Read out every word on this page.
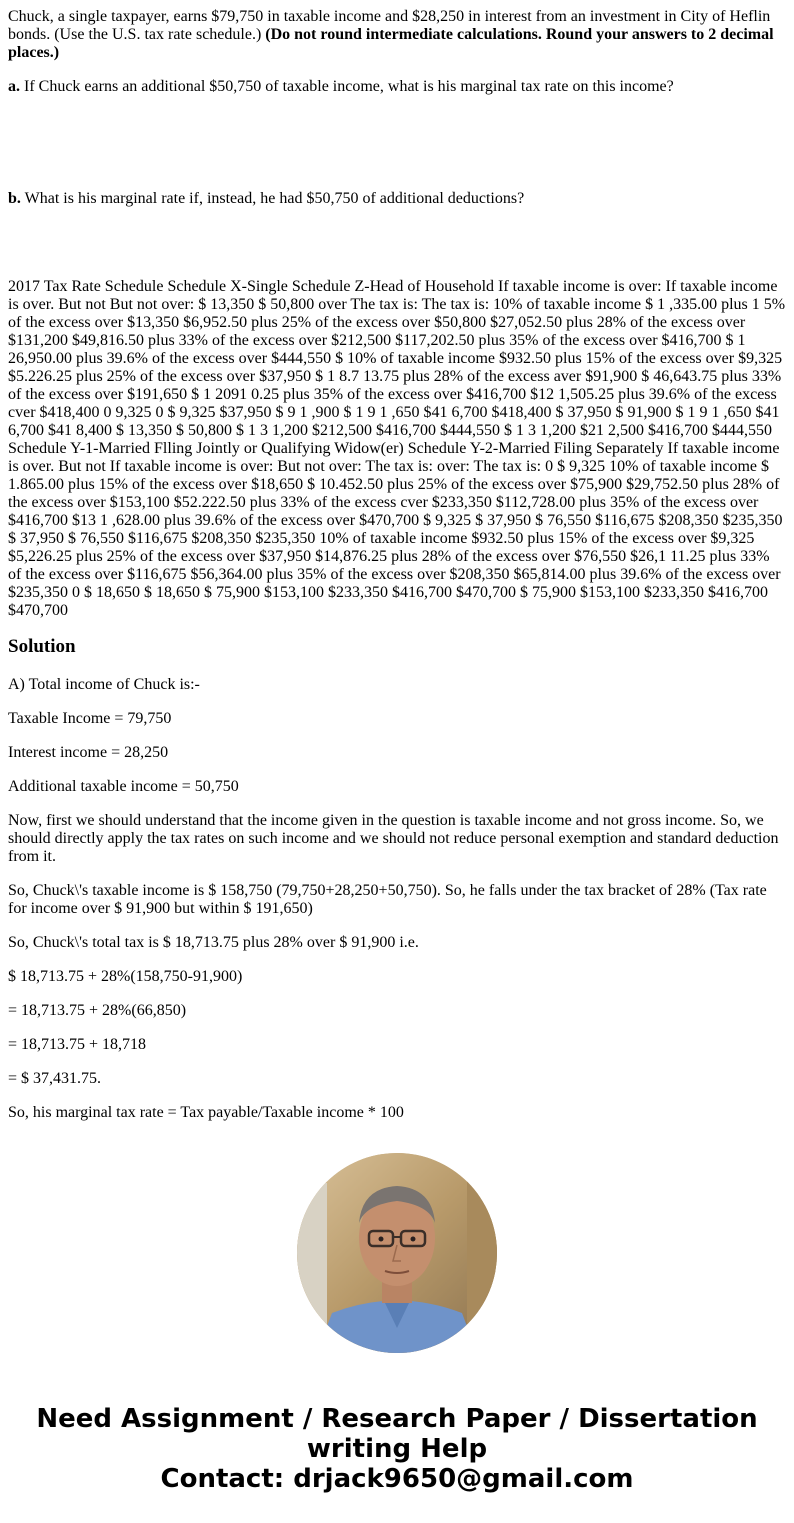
Chuck, a single taxpayer, earns $79,750 in taxable income and $28,250 in interest from an investment in City of Heflin bonds. (Use the U.S. tax rate schedule.) (Do not round intermediate calculations. Round your answers to 2 decimal places.)

a. If Chuck earns an additional $50,750 of taxable income, what is his marginal tax rate on this income?

b. What is his marginal rate if, instead, he had $50,750 of additional deductions?

2017 Tax Rate Schedule Schedule X-Single Schedule Z-Head of Household If taxable income is over: If taxable income is over. But not But not over: $ 13,350 $ 50,800 over The tax is: The tax is: 10% of taxable income $ 1 ,335.00 plus 1 5% of the excess over $13,350 $6,952.50 plus 25% of the excess over $50,800 $27,052.50 plus 28% of the excess over $131,200 $49,816.50 plus 33% of the excess over $212,500 $117,202.50 plus 35% of the excess over $416,700 $ 1 26,950.00 plus 39.6% of the excess over $444,550 $ 10% of taxable income $932.50 plus 15% of the excess over $9,325 $5.226.25 plus 25% of the excess over $37,950 $ 1 8.7 13.75 plus 28% of the excess aver $91,900 $ 46,643.75 plus 33% of the excess over $191,650 $ 1 2091 0.25 plus 35% of the excess over $416,700 $12 1,505.25 plus 39.6% of the excess cver $418,400 0 9,325 0 $ 9,325 $37,950 $ 9 1 ,900 $ 1 9 1 ,650 $41 6,700 $418,400 $ 37,950 $ 91,900 $ 1 9 1 ,650 $41 6,700 $41 8,400 $ 13,350 $ 50,800 $ 1 3 1,200 $212,500 $416,700 $444,550 $ 1 3 1,200 $21 2,500 $416,700 $444,550 Schedule Y-1-Married Flling Jointly or Qualifying Widow(er) Schedule Y-2-Married Filing Separately If taxable income is over. But not If taxable income is over: But not over: The tax is: over: The tax is: 0 $ 9,325 10% of taxable income $ 1.865.00 plus 15% of the excess over $18,650 $ 10.452.50 plus 25% of the excess over $75,900 $29,752.50 plus 28% of the excess over $153,100 $52.222.50 plus 33% of the excess cver $233,350 $112,728.00 plus 35% of the excess over $416,700 $13 1 ,628.00 plus 39.6% of the excess over $470,700 $ 9,325 $ 37,950 $ 76,550 $116,675 $208,350 $235,350 $ 37,950 $ 76,550 $116,675 $208,350 $235,350 10% of taxable income $932.50 plus 15% of the excess over $9,325 $5,226.25 plus 25% of the excess over $37,950 $14,876.25 plus 28% of the excess over $76,550 $26,1 11.25 plus 33% of the excess over $116,675 $56,364.00 plus 35% of the excess over $208,350 $65,814.00 plus 39.6% of the excess over $235,350 0 $ 18,650 $ 18,650 $ 75,900 $153,100 $233,350 $416,700 $470,700 $ 75,900 $153,100 $233,350 $416,700 $470,700

Solution

A) Total income of Chuck is:-

Taxable Income = 79,750

Interest income = 28,250

Additional taxable income = 50,750

Now, first we should understand that the income given in the question is taxable income and not gross income. So, we should directly apply the tax rates on such income and we should not reduce personal exemption and standard deduction from it.

So, Chuck\'s taxable income is $ 158,750 (79,750+28,250+50,750). So, he falls under the tax bracket of 28% (Tax rate for income over $ 91,900 but within $ 191,650)

So, Chuck\'s total tax is $ 18,713.75 plus 28% over $ 91,900 i.e.

$ 18,713.75 + 28%(158,750-91,900)

= 18,713.75 + 28%(66,850)

= 18,713.75 + 18,718

= $ 37,431.75.

So, his marginal tax rate = Tax payable/Taxable income * 100

Need Assignment / Research Paper / Dissertation
writing Help
Contact: drjack9650@gmail.com
